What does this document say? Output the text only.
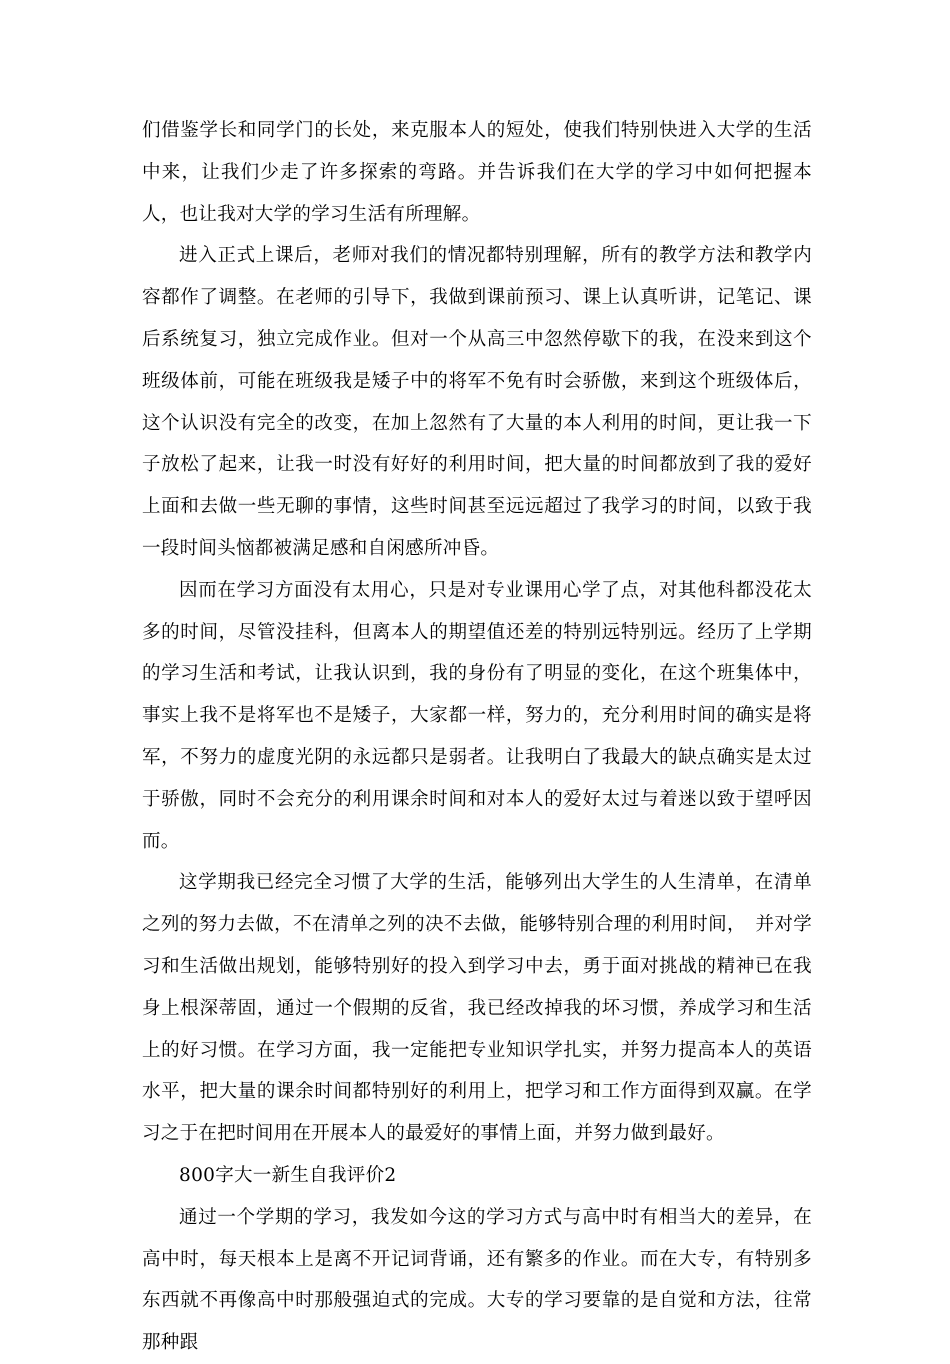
们借鉴学长和同学门的长处，来克服本人的短处，使我们特别快进入大学的生活中来，让我们少走了许多探索的弯路。并告诉我们在大学的学习中如何把握本人，也让我对大学的学习生活有所理解。

进入正式上课后，老师对我们的情况都特别理解，所有的教学方法和教学内容都作了调整。在老师的引导下，我做到课前预习、课上认真听讲，记笔记、课后系统复习，独立完成作业。但对一个从高三中忽然停歇下的我，在没来到这个班级体前，可能在班级我是矮子中的将军不免有时会骄傲，来到这个班级体后，这个认识没有完全的改变，在加上忽然有了大量的本人利用的时间，更让我一下子放松了起来，让我一时没有好好的利用时间，把大量的时间都放到了我的爱好上面和去做一些无聊的事情，这些时间甚至远远超过了我学习的时间，以致于我一段时间头恼都被满足感和自闲感所冲昏。

因而在学习方面没有太用心，只是对专业课用心学了点，对其他科都没花太多的时间，尽管没挂科，但离本人的期望值还差的特别远特别远。经历了上学期的学习生活和考试，让我认识到，我的身份有了明显的变化，在这个班集体中，事实上我不是将军也不是矮子，大家都一样，努力的，充分利用时间的确实是将军，不努力的虚度光阴的永远都只是弱者。让我明白了我最大的缺点确实是太过于骄傲，同时不会充分的利用课余时间和对本人的爱好太过与着迷以致于望呼因而。

这学期我已经完全习惯了大学的生活，能够列出大学生的人生清单，在清单之列的努力去做，不在清单之列的决不去做，能够特别合理的利用时间，　并对学习和生活做出规划，能够特别好的投入到学习中去，勇于面对挑战的精神已在我身上根深蒂固，通过一个假期的反省，我已经改掉我的坏习惯，养成学习和生活上的好习惯。在学习方面，我一定能把专业知识学扎实，并努力提高本人的英语水平，把大量的课余时间都特别好的利用上，把学习和工作方面得到双赢。在学习之于在把时间用在开展本人的最爱好的事情上面，并努力做到最好。

800字大一新生自我评价2

通过一个学期的学习，我发如今这的学习方式与高中时有相当大的差异，在高中时，每天根本上是离不开记词背诵，还有繁多的作业。而在大专，有特别多东西就不再像高中时那般强迫式的完成。大专的学习要靠的是自觉和方法，往常那种跟
